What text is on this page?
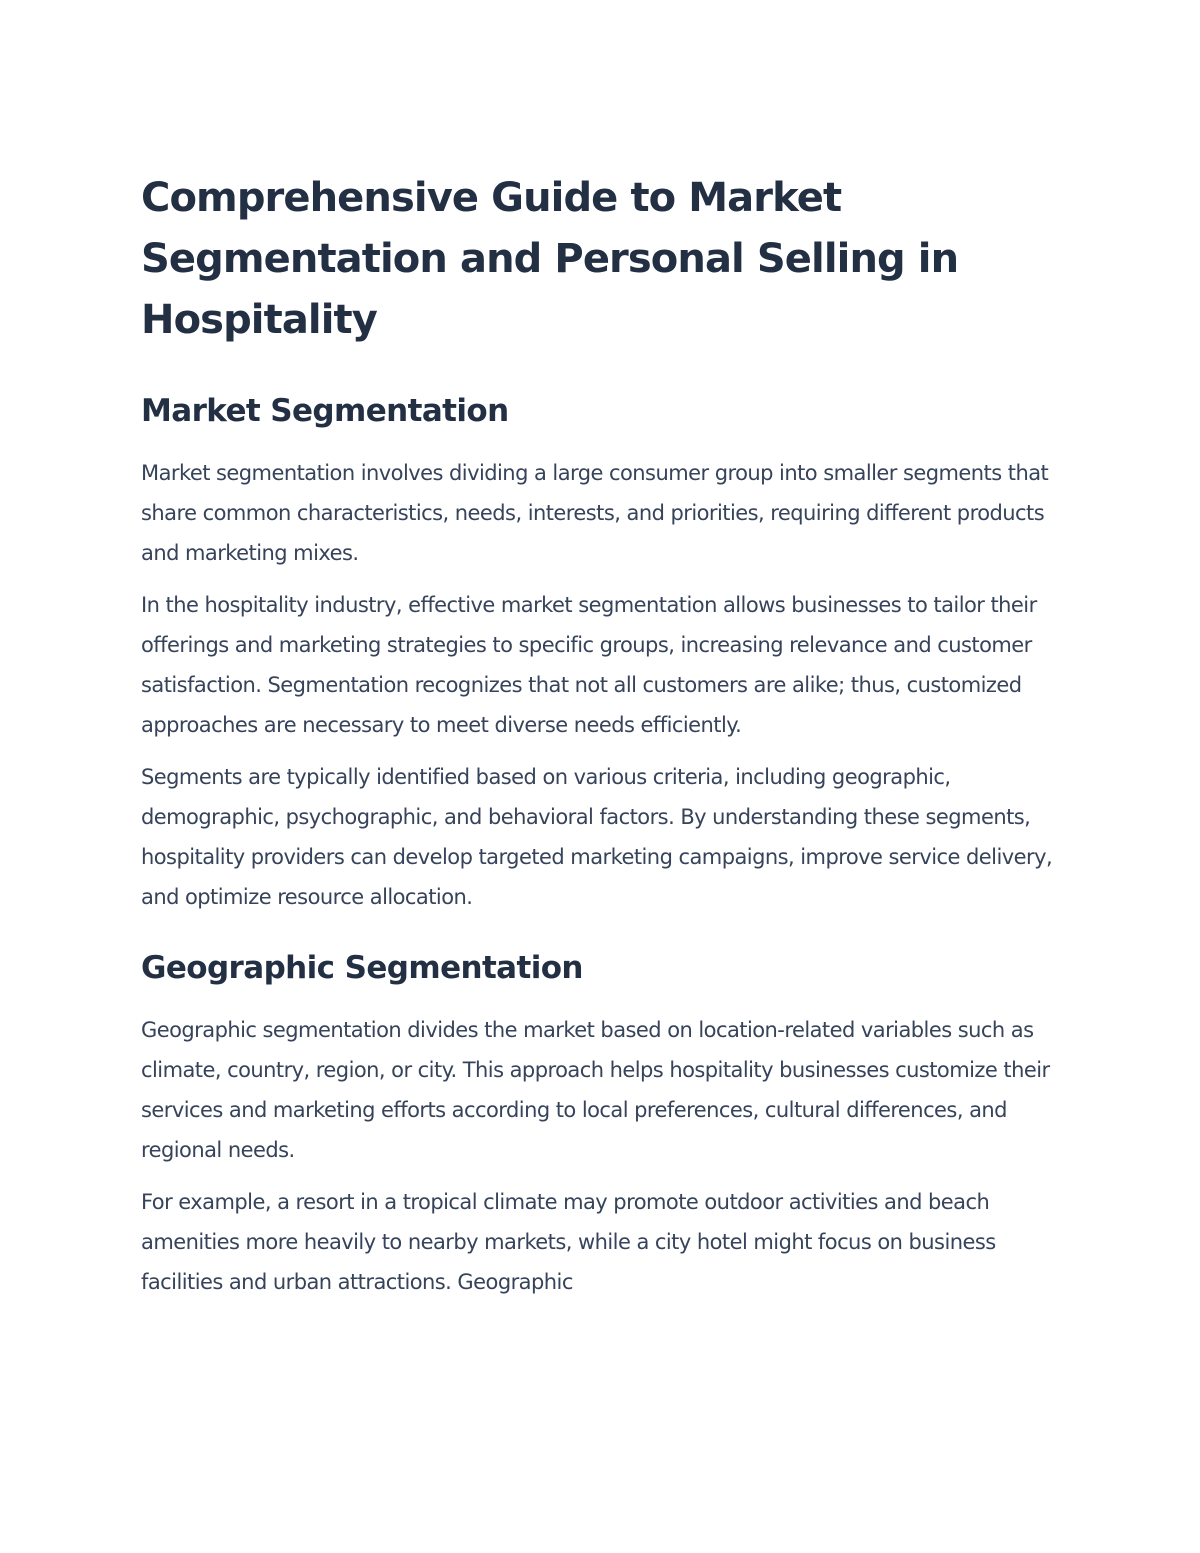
Comprehensive Guide to Market Segmentation and Personal Selling in Hospitality
Market Segmentation

Market segmentation involves dividing a large consumer group into smaller segments that share common characteristics, needs, interests, and priorities, requiring different products and marketing mixes.

In the hospitality industry, effective market segmentation allows businesses to tailor their offerings and marketing strategies to specific groups, increasing relevance and customer satisfaction. Segmentation recognizes that not all customers are alike; thus, customized approaches are necessary to meet diverse needs efficiently.

Segments are typically identified based on various criteria, including geographic, demographic, psychographic, and behavioral factors. By understanding these segments, hospitality providers can develop targeted marketing campaigns, improve service delivery, and optimize resource allocation.

Geographic Segmentation

Geographic segmentation divides the market based on location-related variables such as climate, country, region, or city. This approach helps hospitality businesses customize their services and marketing efforts according to local preferences, cultural differences, and regional needs.

For example, a resort in a tropical climate may promote outdoor activities and beach amenities more heavily to nearby markets, while a city hotel might focus on business facilities and urban attractions. Geographic
